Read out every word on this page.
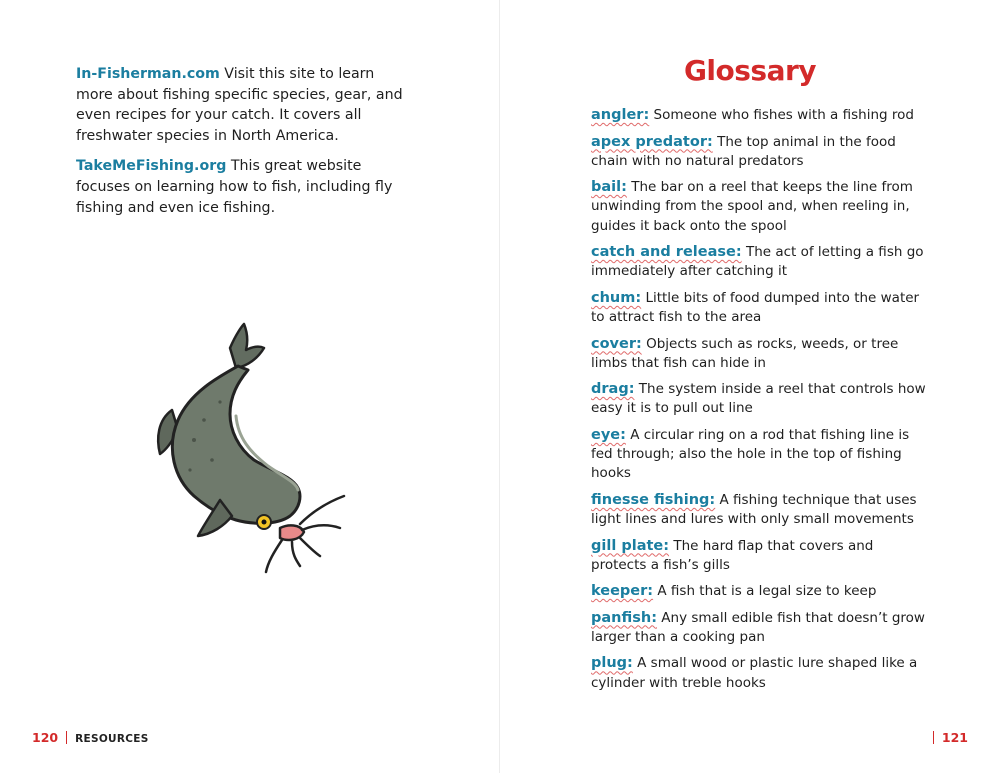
In-Fisherman.com Visit this site to learn more about fishing specific species, gear, and even recipes for your catch. It covers all freshwater species in North America.

TakeMeFishing.org This great website focuses on learning how to fish, including fly fishing and even ice fishing.

120 RESOURCES	121
Glossary
angler: Someone who fishes with a fishing rod
apex predator: The top animal in the food chain with no natural predators
bail: The bar on a reel that keeps the line from unwinding from the spool and, when reeling in, guides it back onto the spool
catch and release: The act of letting a fish go immediately after catching it
chum: Little bits of food dumped into the water to attract fish to the area
cover: Objects such as rocks, weeds, or tree limbs that fish can hide in
drag: The system inside a reel that controls how easy it is to pull out line
eye: A circular ring on a rod that fishing line is fed through; also the hole in the top of fishing hooks
finesse fishing: A fishing technique that uses light lines and lures with only small movements
gill plate: The hard flap that covers and protects a fish’s gills
keeper: A fish that is a legal size to keep
panfish: Any small edible fish that doesn’t grow larger than a cooking pan
plug: A small wood or plastic lure shaped like a cylinder with treble hooks
